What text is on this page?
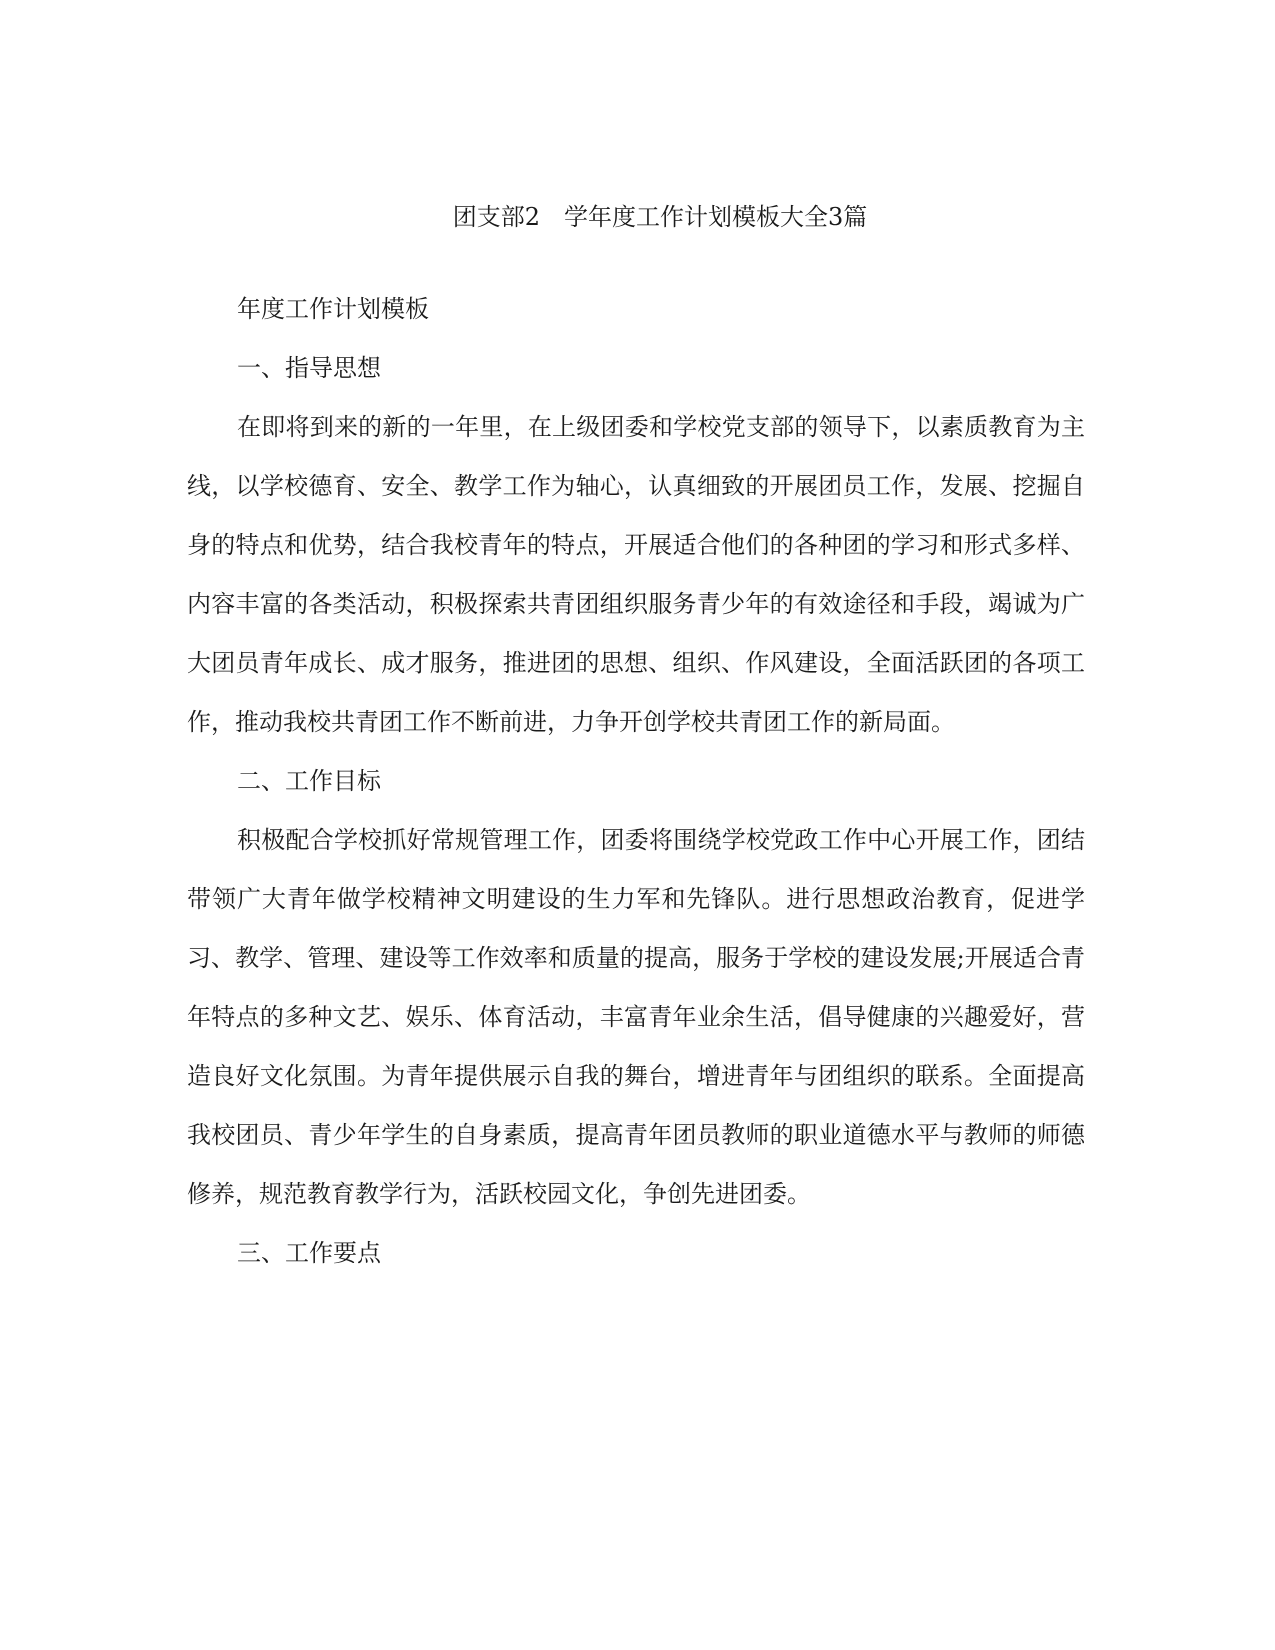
团支部2　学年度工作计划模板大全3篇

年度工作计划模板

一、指导思想

在即将到来的新的一年里，在上级团委和学校党支部的领导下，以素质教育为主线，以学校德育、安全、教学工作为轴心，认真细致的开展团员工作，发展、挖掘自身的特点和优势，结合我校青年的特点，开展适合他们的各种团的学习和形式多样、内容丰富的各类活动，积极探索共青团组织服务青少年的有效途径和手段，竭诚为广大团员青年成长、成才服务，推进团的思想、组织、作风建设，全面活跃团的各项工作，推动我校共青团工作不断前进，力争开创学校共青团工作的新局面。

二、工作目标

积极配合学校抓好常规管理工作，团委将围绕学校党政工作中心开展工作，团结带领广大青年做学校精神文明建设的生力军和先锋队。进行思想政治教育，促进学习、教学、管理、建设等工作效率和质量的提高，服务于学校的建设发展;开展适合青年特点的多种文艺、娱乐、体育活动，丰富青年业余生活，倡导健康的兴趣爱好，营造良好文化氛围。为青年提供展示自我的舞台，增进青年与团组织的联系。全面提高我校团员、青少年学生的自身素质，提高青年团员教师的职业道德水平与教师的师德修养，规范教育教学行为，活跃校园文化，争创先进团委。

三、工作要点
